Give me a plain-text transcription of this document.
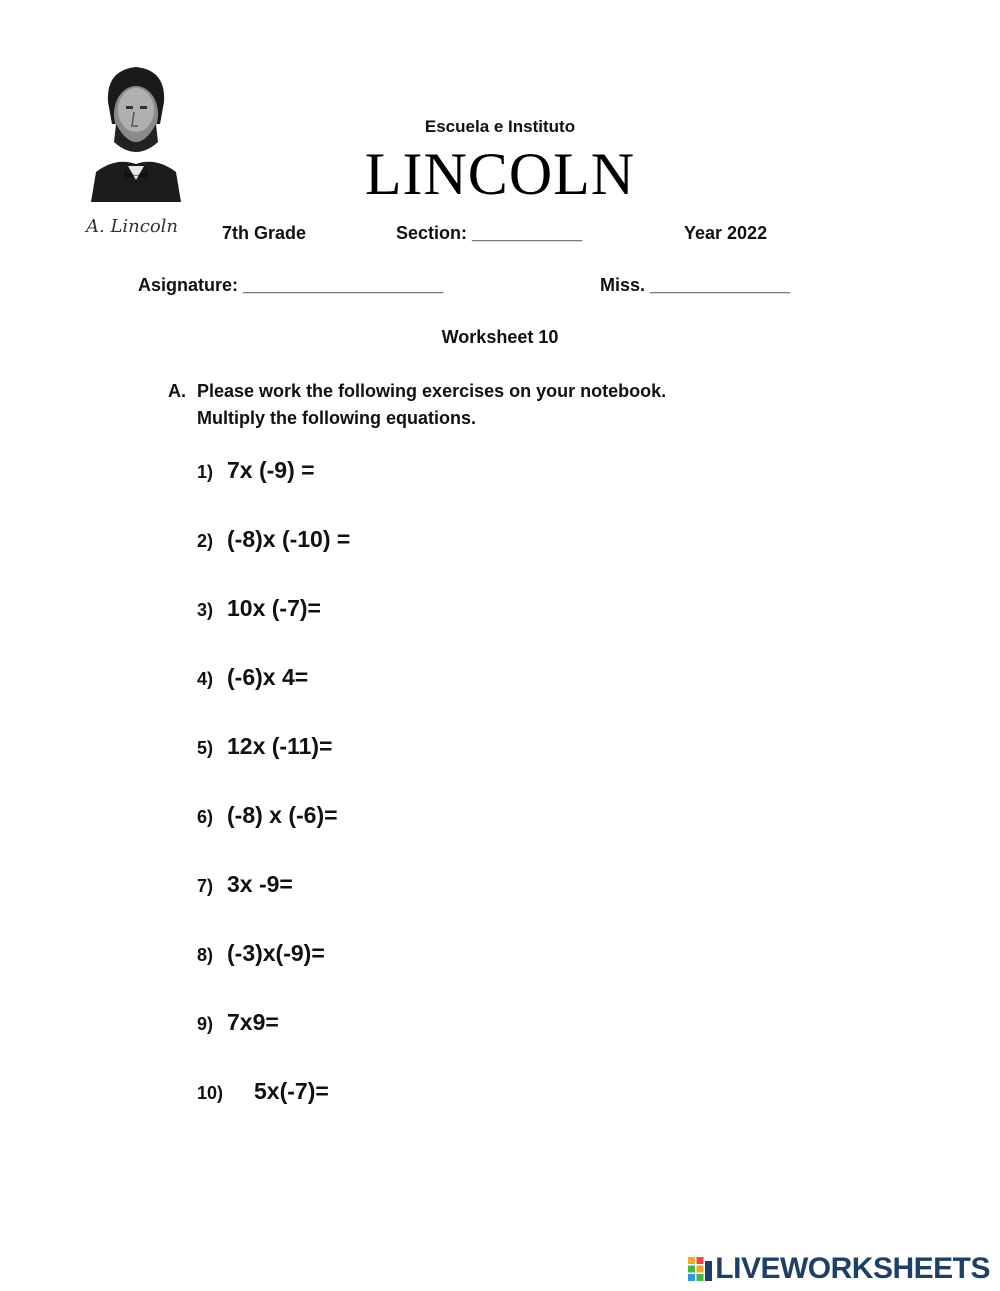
A. Lincoln
Escuela e Instituto
LINCOLN
7th Grade	Section: ___________	Year 2022
Asignature: ____________________	Miss. ______________
Worksheet 10
A. Please work the following exercises on your notebook.
Multiply the following equations.
1) 7x (-9) =
2) (-8)x (-10) =
3) 10x (-7)=
4) (-6)x 4=
5) 12x (-11)=
6) (-8) x (-6)=
7) 3x -9=
8) (-3)x(-9)=
9) 7x9=
10) 5x(-7)=
LIVEWORKSHEETS
